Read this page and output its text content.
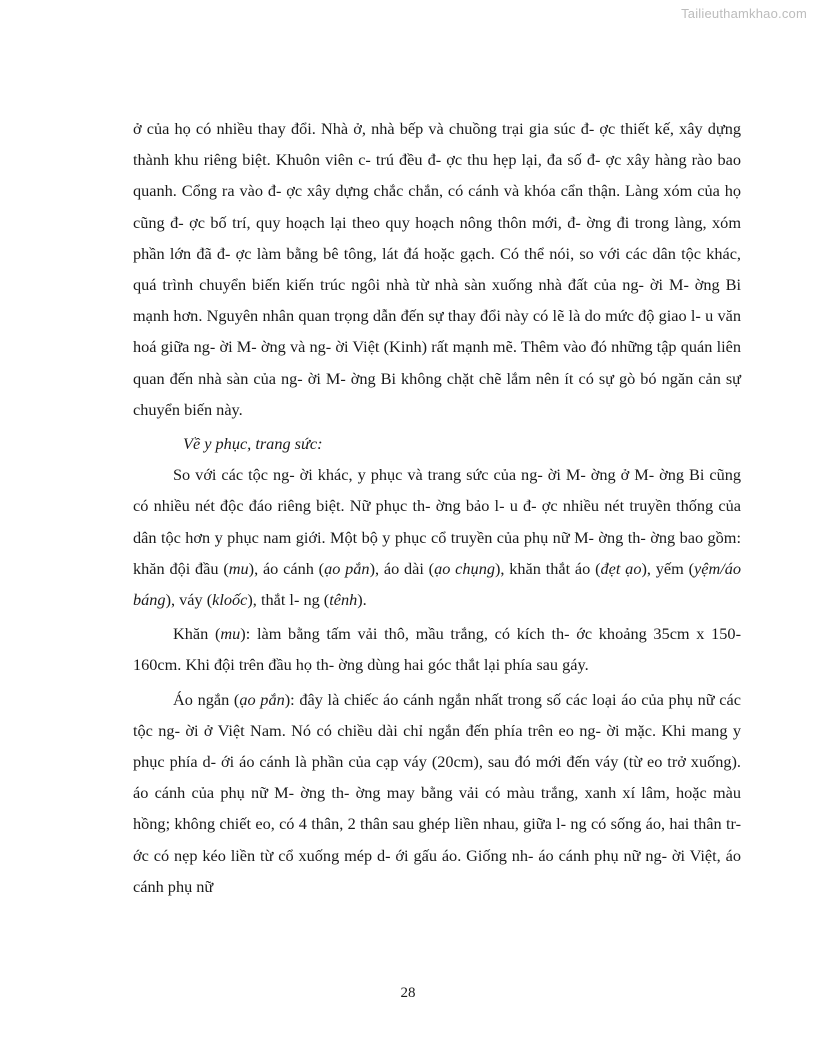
Tailieuthamkhao.com

ở của họ có nhiều thay đổi. Nhà ở, nhà bếp và chuồng trại gia súc đ- ợc thiết kế, xây dựng thành khu riêng biệt. Khuôn viên c- trú đều đ- ợc thu hẹp lại, đa số đ- ợc xây hàng rào bao quanh. Cổng ra vào đ- ợc xây dựng chắc chắn, có cánh và khóa cẩn thận. Làng xóm của họ cũng đ- ợc bố trí, quy hoạch lại theo quy hoạch nông thôn mới, đ- ờng đi trong làng, xóm phần lớn đã đ- ợc làm bằng bê tông, lát đá hoặc gạch. Có thể nói, so với các dân tộc khác, quá trình chuyển biến kiến trúc ngôi nhà từ nhà sàn xuống nhà đất của ng- ời M- ờng Bi mạnh hơn. Nguyên nhân quan trọng dẫn đến sự thay đổi này có lẽ là do mức độ giao l- u văn hoá giữa ng- ời M- ờng và ng- ời Việt (Kinh) rất mạnh mẽ. Thêm vào đó những tập quán liên quan đến nhà sàn của ng- ời M- ờng Bi không chặt chẽ lắm nên ít có sự gò bó ngăn cản sự chuyển biến này.

Về y phục, trang sức:

So với các tộc ng- ời khác, y phục và trang sức của ng- ời M- ờng ở M- ờng Bi cũng có nhiều nét độc đáo riêng biệt. Nữ phục th- ờng bảo l- u đ- ợc nhiều nét truyền thống của dân tộc hơn y phục nam giới. Một bộ y phục cổ truyền của phụ nữ M- ờng th- ờng bao gồm: khăn đội đầu (mu), áo cánh (ạo pắn), áo dài (ạo chụng), khăn thắt áo (đẹt ạo), yếm (yệm/áo báng), váy (kloốc), thắt l- ng (tênh).

Khăn (mu): làm bằng tấm vải thô, mầu trắng, có kích th- ớc khoảng 35cm x 150-160cm. Khi đội trên đầu họ th- ờng dùng hai góc thắt lại phía sau gáy.

Áo ngắn (ạo pắn): đây là chiếc áo cánh ngắn nhất trong số các loại áo của phụ nữ các tộc ng- ời ở Việt Nam. Nó có chiều dài chỉ ngắn đến phía trên eo ng- ời mặc. Khi mang y phục phía d- ới áo cánh là phần của cạp váy (20cm), sau đó mới đến váy (từ eo trở xuống). áo cánh của phụ nữ M- ờng th- ờng may bằng vải có màu trắng, xanh xí lâm, hoặc màu hồng; không chiết eo, có 4 thân, 2 thân sau ghép liền nhau, giữa l- ng có sống áo, hai thân tr- ớc có nẹp kéo liền từ cổ xuống mép d- ới gấu áo. Giống nh- áo cánh phụ nữ ng- ời Việt, áo cánh phụ nữ

28
